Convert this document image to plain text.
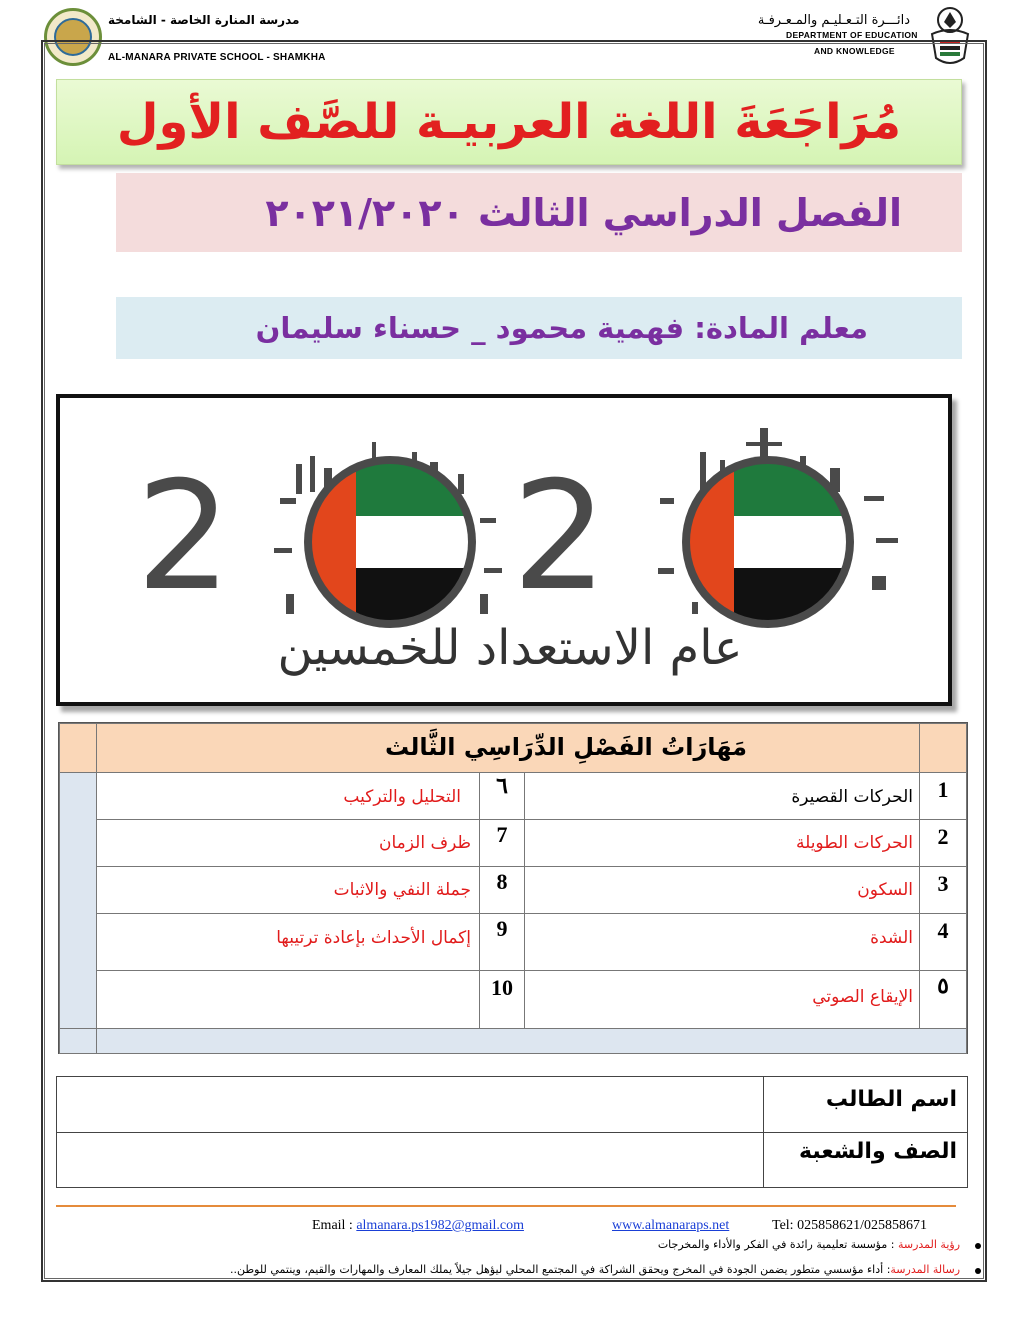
مدرسة المنارة الخاصة - الشامخة
AL-MANARA PRIVATE SCHOOL - SHAMKHA
دائـــرة التـعـليـم والمـعـرفـة
DEPARTMENT OF EDUCATION
AND KNOWLEDGE
مُرَاجَعَةَ اللغة العربيـة للصَّف الأول
الفصل الدراسي الثالث ٢٠٢١/٢٠٢٠
معلم المادة: فهمية محمود _ حسناء سليمان
2 2
عام الاستعداد للخمسين
مَهَارَاتُ الفَصْلِ الدِّرَاسِي الثَّالث
1
الحركات القصيرة
٦
التحليل والتركيب
2
الحركات الطويلة
7
ظرف الزمان
3
السكون
8
جملة النفي والاثبات
4
الشدة
9
إكمال الأحداث بإعادة ترتيبها
٥
الإيقاع الصوتي
10
اسم الطالب
الصف والشعبة
Email : almanara.ps1982@gmail.com	www.almanaraps.net	Tel: 025858621/025858671
رؤية المدرسة : مؤسسة تعليمية رائدة في الفكر والأداء والمخرجات
رسالة المدرسة: أداء مؤسسي متطور يضمن الجودة في المخرج ويحقق الشراكة في المجتمع المحلي ليؤهل جيلاً يملك المعارف والمهارات والقيم، وينتمي للوطن..
